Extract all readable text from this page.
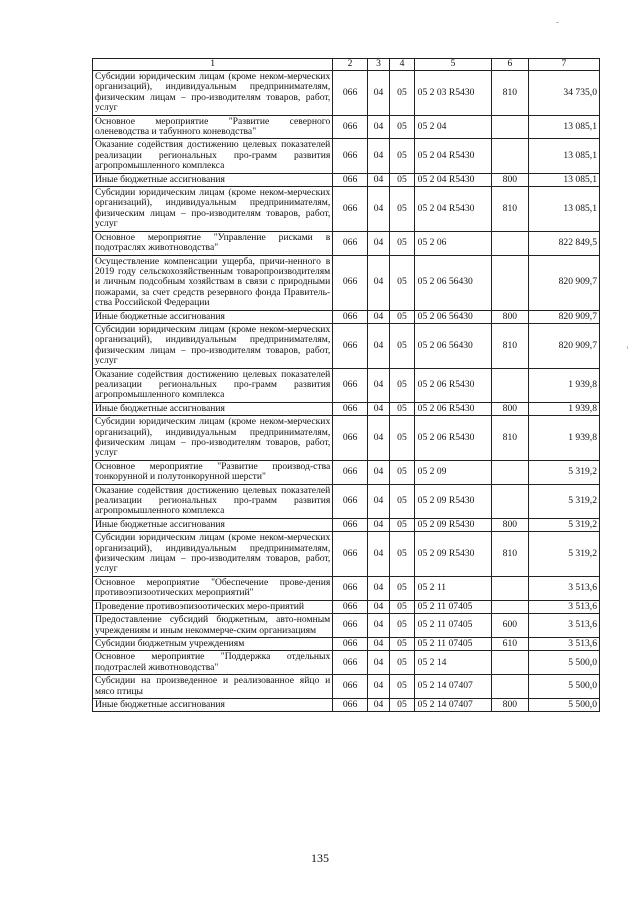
1	2	3	4	5	6	7
Субсидии юридическим лицам (кроме неком-мерческих организаций), индивидуальным предпринимателям, физическим лицам – про-изводителям товаров, работ, услуг	066	04	05	05 2 03 R5430	810	34 735,0
Основное мероприятие "Развитие северного оленеводства и табунного коневодства"	066	04	05	05 2 04		13 085,1
Оказание содействия достижению целевых показателей реализации региональных про-грамм развития агропромышленного комплекса	066	04	05	05 2 04 R5430		13 085,1
Иные бюджетные ассигнования	066	04	05	05 2 04 R5430	800	13 085,1
Субсидии юридическим лицам (кроме неком-мерческих организаций), индивидуальным предпринимателям, физическим лицам – про-изводителям товаров, работ, услуг	066	04	05	05 2 04 R5430	810	13 085,1
Основное мероприятие "Управление рисками в подотраслях животноводства"	066	04	05	05 2 06		822 849,5
Осуществление компенсации ущерба, причи-ненного в 2019 году сельскохозяйственным товаропроизводителям и личным подсобным хозяйствам в связи с природными пожарами, за счет средств резервного фонда Правитель-ства Российской Федерации	066	04	05	05 2 06 56430		820 909,7
Иные бюджетные ассигнования	066	04	05	05 2 06 56430	800	820 909,7
Субсидии юридическим лицам (кроме неком-мерческих организаций), индивидуальным предпринимателям, физическим лицам – про-изводителям товаров, работ, услуг	066	04	05	05 2 06 56430	810	820 909,7
Оказание содействия достижению целевых показателей реализации региональных про-грамм развития агропромышленного комплекса	066	04	05	05 2 06 R5430		1 939,8
Иные бюджетные ассигнования	066	04	05	05 2 06 R5430	800	1 939,8
Субсидии юридическим лицам (кроме неком-мерческих организаций), индивидуальным предпринимателям, физическим лицам – про-изводителям товаров, работ, услуг	066	04	05	05 2 06 R5430	810	1 939,8
Основное мероприятие "Развитие производ-ства тонкорунной и полутонкорунной шерсти"	066	04	05	05 2 09		5 319,2
Оказание содействия достижению целевых показателей реализации региональных про-грамм развития агропромышленного комплекса	066	04	05	05 2 09 R5430		5 319,2
Иные бюджетные ассигнования	066	04	05	05 2 09 R5430	800	5 319,2
Субсидии юридическим лицам (кроме неком-мерческих организаций), индивидуальным предпринимателям, физическим лицам – про-изводителям товаров, работ, услуг	066	04	05	05 2 09 R5430	810	5 319,2
Основное мероприятие "Обеспечение прове-дения противоэпизоотических мероприятий"	066	04	05	05 2 11		3 513,6
Проведение противоэпизоотических меро-приятий	066	04	05	05 2 11 07405		3 513,6
Предоставление субсидий бюджетным, авто-номным учреждениям и иным некоммерче-ским организациям	066	04	05	05 2 11 07405	600	3 513,6
Субсидии бюджетным учреждениям	066	04	05	05 2 11 07405	610	3 513,6
Основное мероприятие "Поддержка отдельных подотраслей животноводства"	066	04	05	05 2 14		5 500,0
Субсидии на произведенное и реализованное яйцо и мясо птицы	066	04	05	05 2 14 07407		5 500,0
Иные бюджетные ассигнования	066	04	05	05 2 14 07407	800	5 500,0
135
